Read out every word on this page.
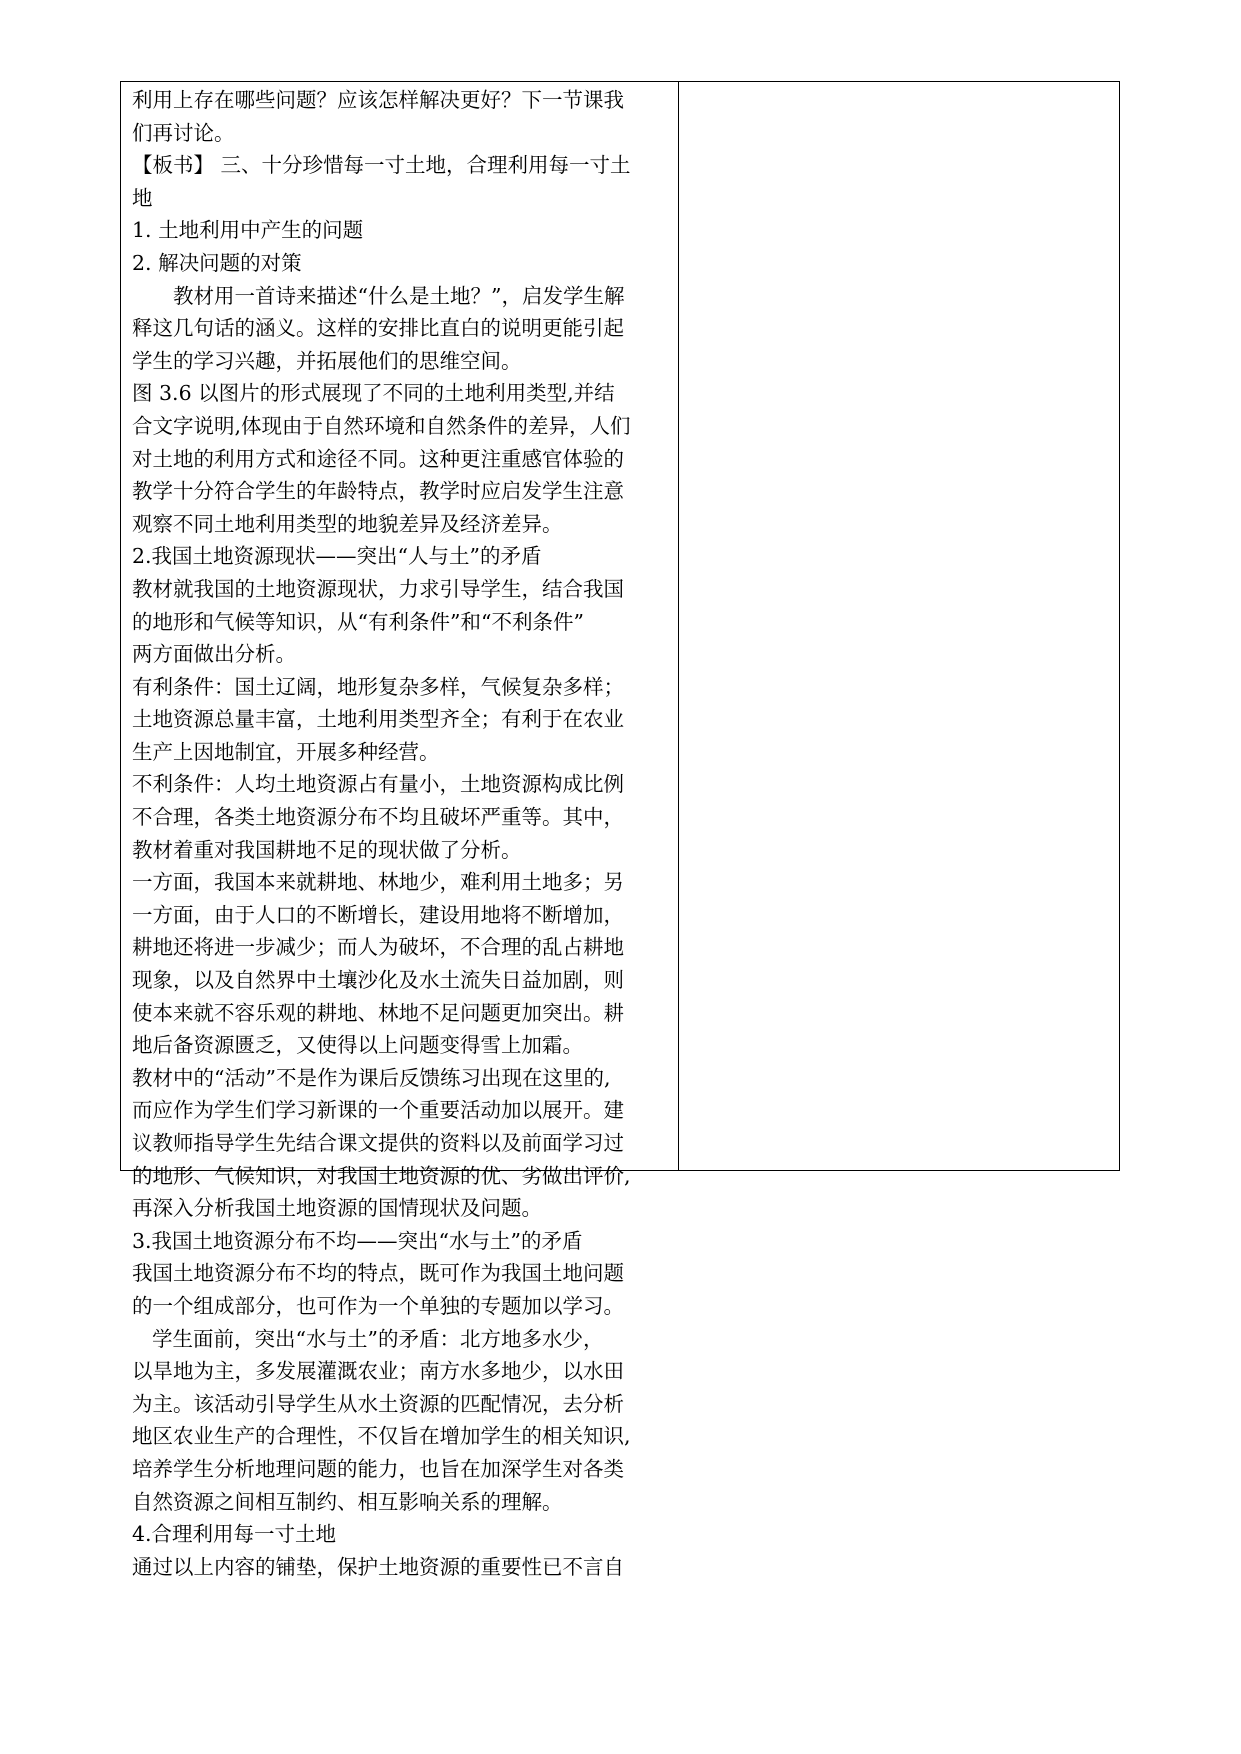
利用上存在哪些问题？应该怎样解决更好？下一节课我
们再讨论。
【板书】 三、十分珍惜每一寸土地，合理利用每一寸土
地
1. 土地利用中产生的问题
2. 解决问题的对策
教材用一首诗来描述“什么是土地？”，启发学生解
释这几句话的涵义。这样的安排比直白的说明更能引起
学生的学习兴趣，并拓展他们的思维空间。
图 3.6 以图片的形式展现了不同的土地利用类型,并结
合文字说明,体现由于自然环境和自然条件的差异，人们
对土地的利用方式和途径不同。这种更注重感官体验的
教学十分符合学生的年龄特点，教学时应启发学生注意
观察不同土地利用类型的地貌差异及经济差异。
2.我国土地资源现状——突出“人与土”的矛盾
教材就我国的土地资源现状，力求引导学生，结合我国
的地形和气候等知识，从“有利条件”和“不利条件”
两方面做出分析。
有利条件：国土辽阔，地形复杂多样，气候复杂多样；
土地资源总量丰富，土地利用类型齐全；有利于在农业
生产上因地制宜，开展多种经营。
不利条件：人均土地资源占有量小，土地资源构成比例
不合理，各类土地资源分布不均且破坏严重等。其中，
教材着重对我国耕地不足的现状做了分析。
一方面，我国本来就耕地、林地少，难利用土地多；另
一方面，由于人口的不断增长，建设用地将不断增加，
耕地还将进一步减少；而人为破坏，不合理的乱占耕地
现象，以及自然界中土壤沙化及水土流失日益加剧，则
使本来就不容乐观的耕地、林地不足问题更加突出。耕
地后备资源匮乏，又使得以上问题变得雪上加霜。
教材中的“活动”不是作为课后反馈练习出现在这里的,
而应作为学生们学习新课的一个重要活动加以展开。建
议教师指导学生先结合课文提供的资料以及前面学习过
的地形、气候知识，对我国土地资源的优、劣做出评价,
再深入分析我国土地资源的国情现状及问题。
3.我国土地资源分布不均——突出“水与土”的矛盾
我国土地资源分布不均的特点，既可作为我国土地问题
的一个组成部分，也可作为一个单独的专题加以学习。
学生面前，突出“水与土”的矛盾：北方地多水少，
以旱地为主，多发展灌溉农业；南方水多地少，以水田
为主。该活动引导学生从水土资源的匹配情况，去分析
地区农业生产的合理性，不仅旨在增加学生的相关知识,
培养学生分析地理问题的能力，也旨在加深学生对各类
自然资源之间相互制约、相互影响关系的理解。
4.合理利用每一寸土地
通过以上内容的铺垫，保护土地资源的重要性已不言自
